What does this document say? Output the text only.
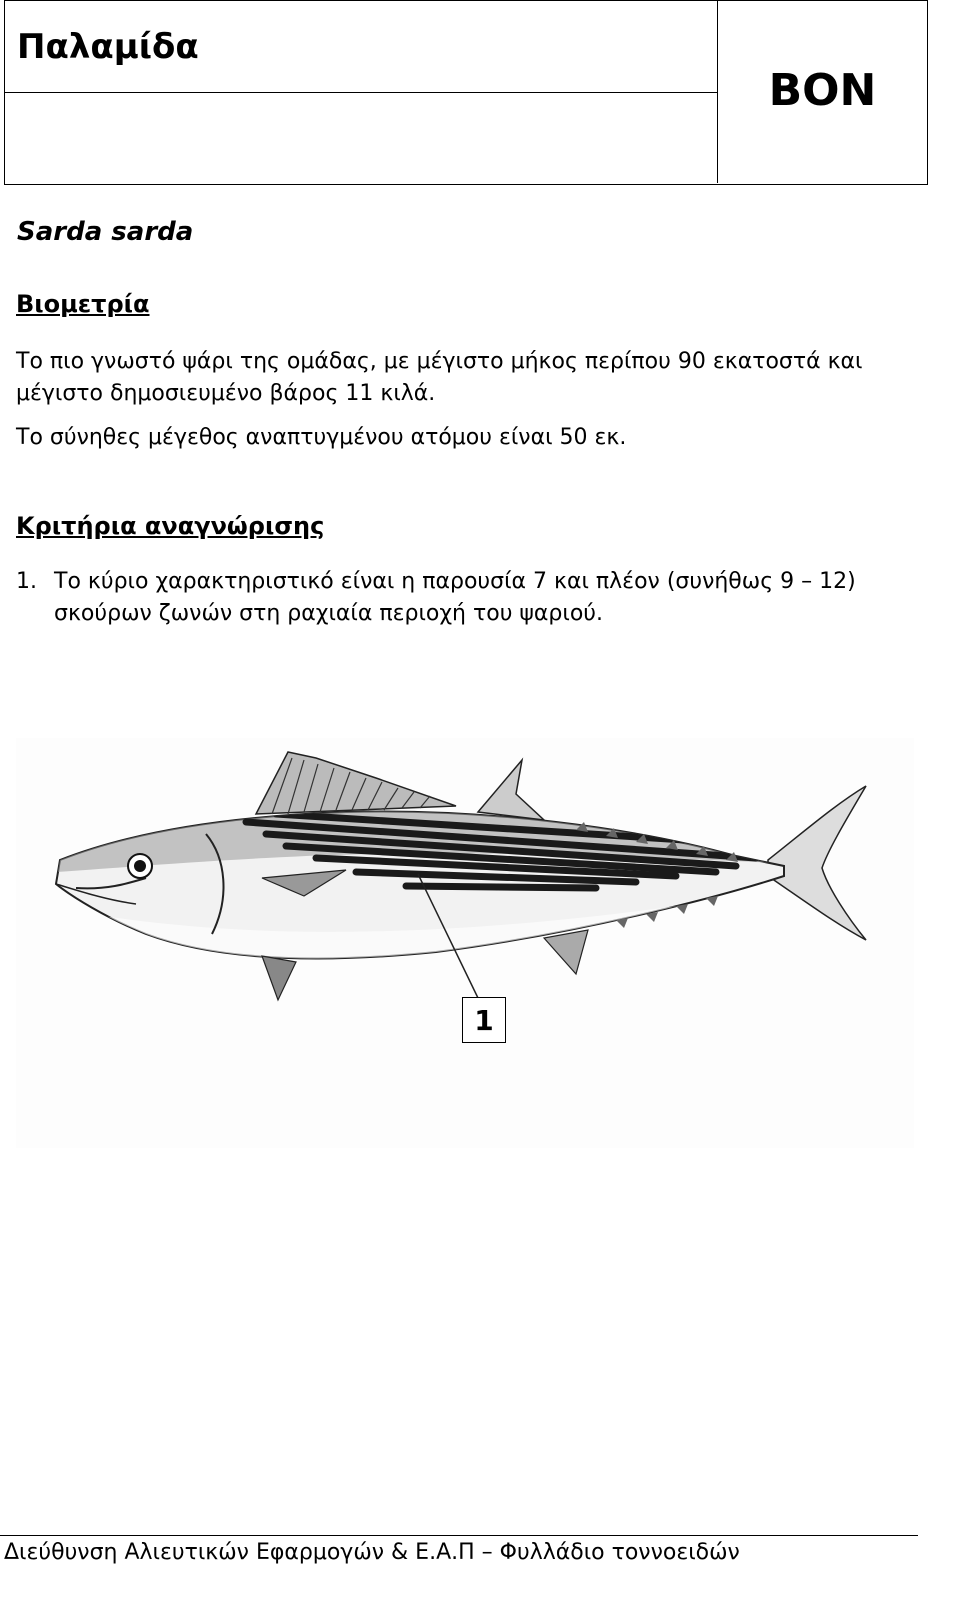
Παλαμίδα

Sarda sarda

BON

Βιομετρία
Το πιο γνωστό ψάρι της ομάδας, με μέγιστο μήκος περίπου 90 εκατοστά και
μέγιστο δημοσιευμένο βάρος 11 κιλά.

Το σύνηθες μέγεθος αναπτυγμένου ατόμου είναι 50 εκ.

Κριτήρια αναγνώρισης
1. Το κύριο χαρακτηριστικό είναι η παρουσία 7 και πλέον (συνήθως 9 – 12)
σκούρων ζωνών στη ραχιαία περιοχή του ψαριού.
1

Διεύθυνση Αλιευτικών Εφαρμογών & Ε.Α.Π – Φυλλάδιο τοννοειδών
